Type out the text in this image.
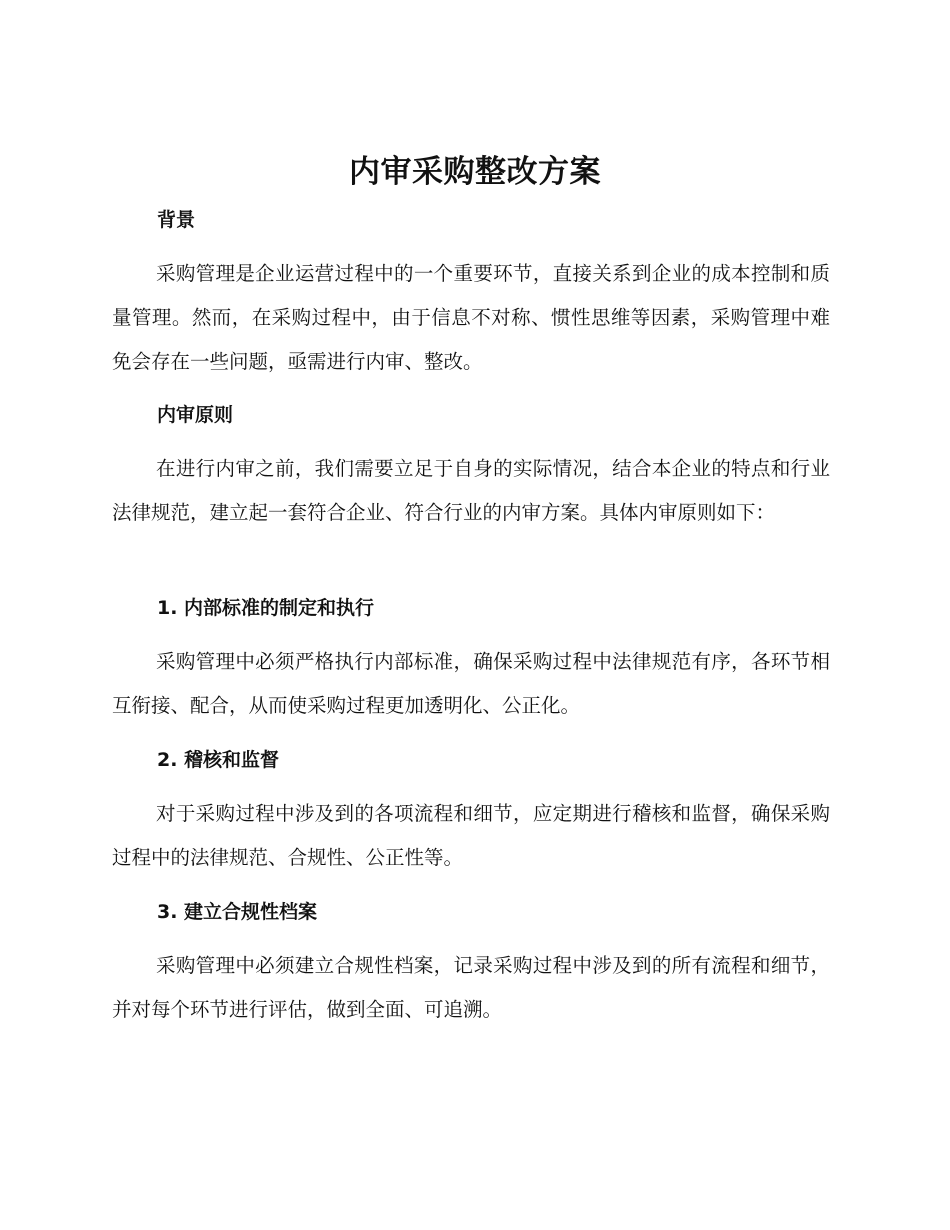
内审采购整改方案
背景

采购管理是企业运营过程中的一个重要环节，直接关系到企业的成本控制和质量管理。然而，在采购过程中，由于信息不对称、惯性思维等因素，采购管理中难免会存在一些问题，亟需进行内审、整改。

内审原则

在进行内审之前，我们需要立足于自身的实际情况，结合本企业的特点和行业法律规范，建立起一套符合企业、符合行业的内审方案。具体内审原则如下：

1. 内部标准的制定和执行

采购管理中必须严格执行内部标准，确保采购过程中法律规范有序，各环节相互衔接、配合，从而使采购过程更加透明化、公正化。

2. 稽核和监督

对于采购过程中涉及到的各项流程和细节，应定期进行稽核和监督，确保采购过程中的法律规范、合规性、公正性等。

3. 建立合规性档案

采购管理中必须建立合规性档案，记录采购过程中涉及到的所有流程和细节，并对每个环节进行评估，做到全面、可追溯。
